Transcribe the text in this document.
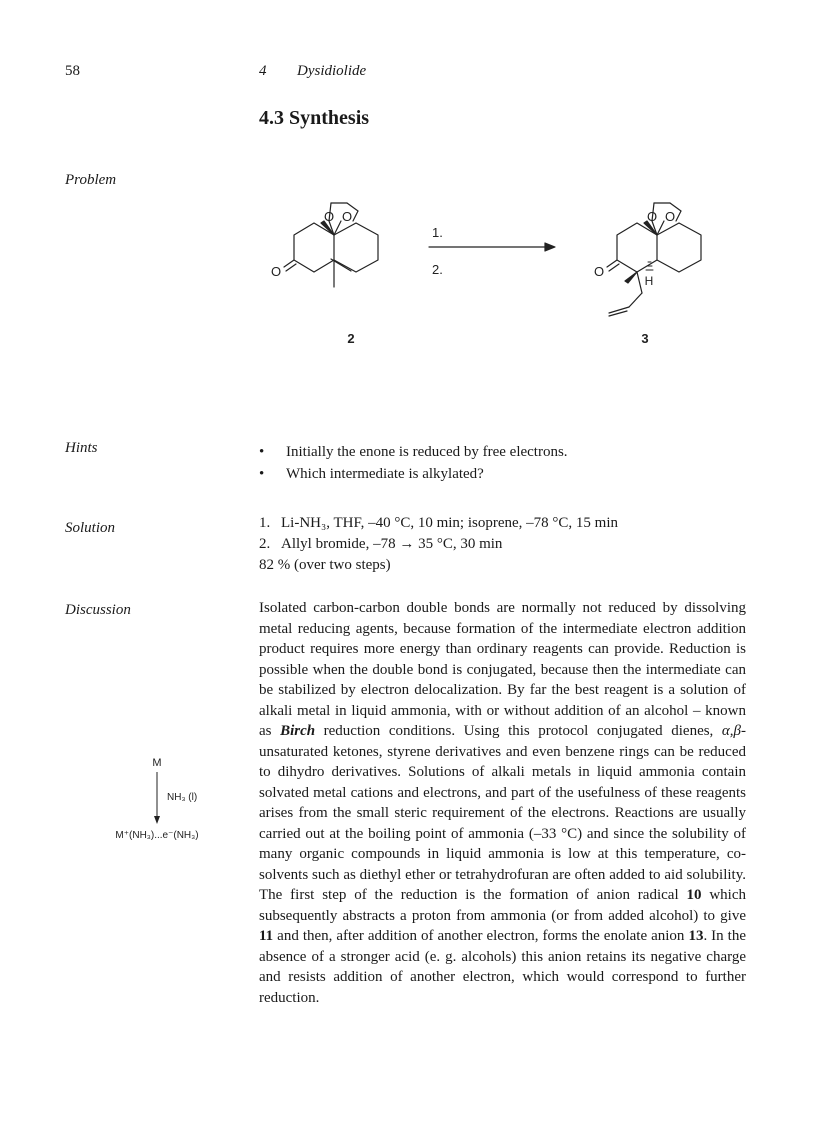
58	4 Dysidiolide
4.3 Synthesis
Problem
Hints
Solution
Discussion
O
O O
1.
2.	O
O O
H
2	3
• Initially the enone is reduced by free electrons.
• Which intermediate is alkylated?
1. Li-NH₃, THF, –40 °C, 10 min; isoprene, –78 °C, 15 min
2. Allyl bromide, –78 → 35 °C, 30 min
82 % (over two steps)
M
NH₃ (l)
M⁺(NH₃)...e⁻(NH₃)

Isolated carbon-carbon double bonds are normally not reduced by dissolving metal reducing agents, because formation of the intermediate electron addition product requires more energy than ordinary reagents can provide. Reduction is possible when the double bond is conjugated, because then the intermediate can be stabilized by electron delocalization. By far the best reagent is a solution of alkali metal in liquid ammonia, with or without addition of an alcohol – known as Birch reduction conditions. Using this protocol conjugated dienes, α,β-unsaturated ketones, styrene derivatives and even benzene rings can be reduced to dihydro derivatives. Solutions of alkali metals in liquid ammonia contain solvated metal cations and electrons, and part of the usefulness of these reagents arises from the small steric requirement of the electrons. Reactions are usually carried out at the boiling point of ammonia (–33 °C) and since the solubility of many organic compounds in liquid ammonia is low at this temperature, co-solvents such as diethyl ether or tetrahydrofuran are often added to aid solubility. The first step of the reduction is the formation of anion radical 10 which subsequently abstracts a proton from ammonia (or from added alcohol) to give 11 and then, after addition of another electron, forms the enolate anion 13. In the absence of a stronger acid (e. g. alcohols) this anion retains its negative charge and resists addition of another electron, which would correspond to further reduction.
